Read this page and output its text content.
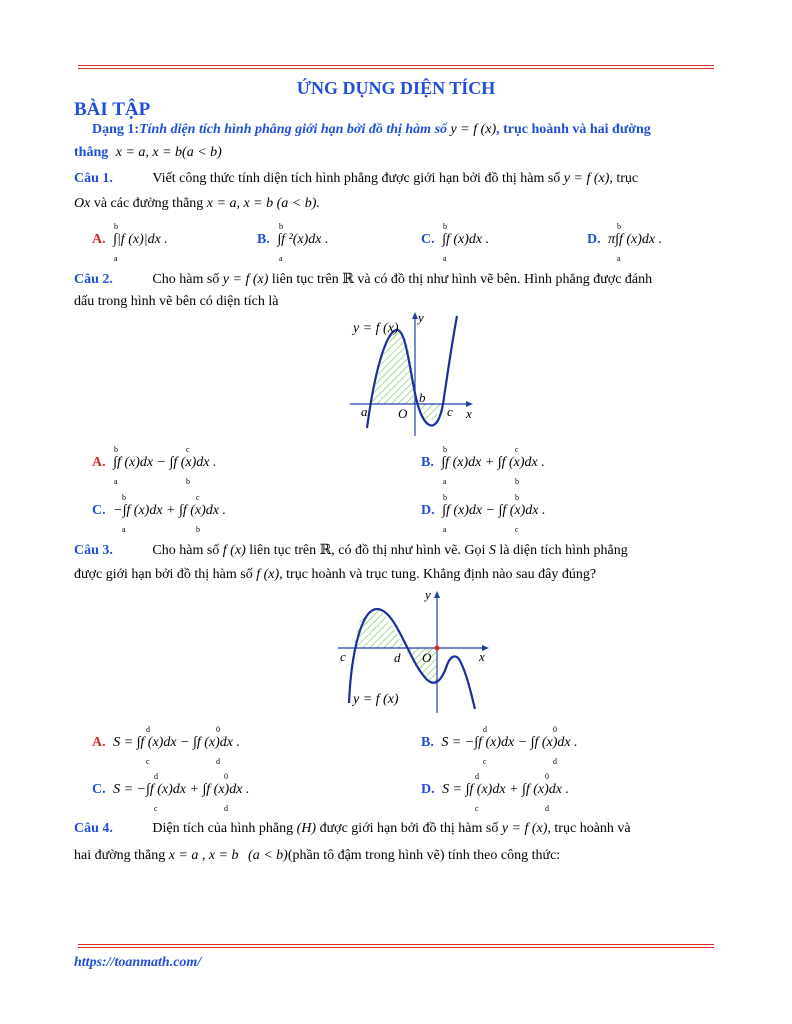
ỨNG DỤNG DIỆN TÍCH
BÀI TẬP
Dạng 1:Tính diện tích hình phẳng giới hạn bởi đồ thị hàm số y = f (x), trục hoành và hai đường
thẳng x = a, x = b(a < b)
Câu 1.	Viết công thức tính diện tích hình phẳng được giới hạn bởi đồ thị hàm số y = f (x), trục
Ox và các đường thẳng x = a, x = b (a < b).
A. ∫|f (x)|dx .
b
a
B. ∫f ²(x)dx .
b
a
C. ∫f (x)dx .
b
a
D. π∫f (x)dx .
b
a
Câu 2.	Cho hàm số y = f (x) liên tục trên ℝ và có đồ thị như hình vẽ bên. Hình phẳng được đánh
dấu trong hình vẽ bên có diện tích là
y = f (x)
y
x
a
b
c
O
A. ∫f (x)dx − ∫f (x)dx .
b
a
c
b
B. ∫f (x)dx + ∫f (x)dx .
b
a
c
b
C. −∫f (x)dx + ∫f (x)dx .
b
a
c
b
D. ∫f (x)dx − ∫f (x)dx .
b
a
b
c
Câu 3.	Cho hàm số f (x) liên tục trên ℝ, có đồ thị như hình vẽ. Gọi S là diện tích hình phẳng
được giới hạn bởi đồ thị hàm số f (x), trục hoành và trục tung. Khẳng định nào sau đây đúng?
y = f (x)
y
x
c	d O
A. S = ∫f (x)dx − ∫f (x)dx .
d
c
0
d
B. S = −∫f (x)dx − ∫f (x)dx .
d
c
0
d
C. S = −∫f (x)dx + ∫f (x)dx .
d
c
0
d
D. S = ∫f (x)dx + ∫f (x)dx .
d
c
0
d
Câu 4.	Diện tích của hình phẳng (H) được giới hạn bởi đồ thị hàm số y = f (x), trục hoành và
hai đường thẳng x = a , x = b (a < b)(phần tô đậm trong hình vẽ) tính theo công thức:
https://toanmath.com/
